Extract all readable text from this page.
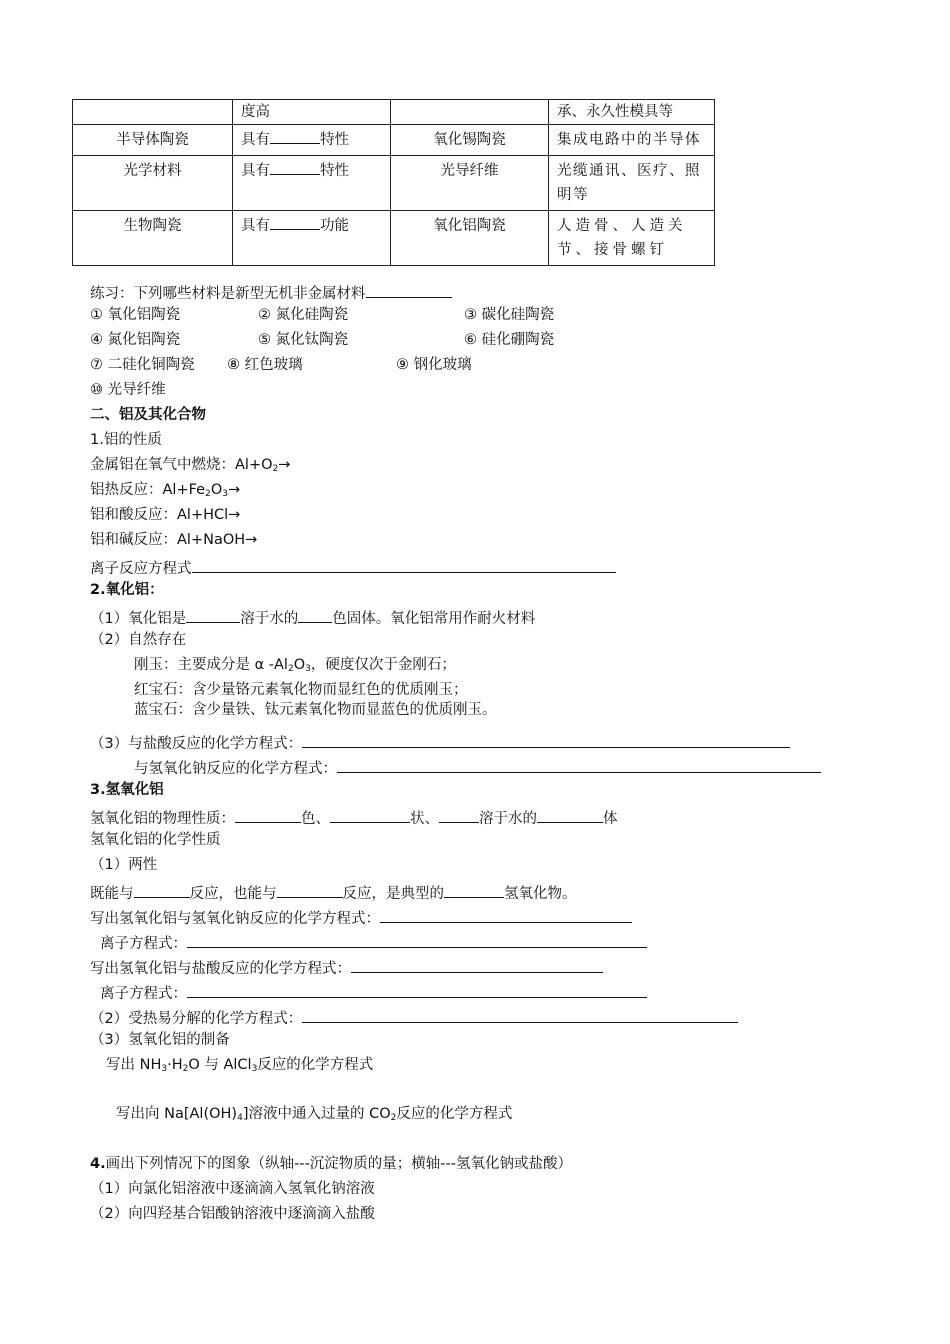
	度高		承、永久性模具等
半导体陶瓷	具有 特性	氧化锡陶瓷	集成电路中的半导体
光学材料	具有 特性	光导纤维	光缆通讯、医疗、照明等
生物陶瓷	具有 功能	氧化铝陶瓷	人造骨、人造关节、接骨螺钉
练习：下列哪些材料是新型无机非金属材料
① 氧化铝陶瓷	② 氮化硅陶瓷	③ 碳化硅陶瓷
④ 氮化铝陶瓷	⑤ 氮化钛陶瓷	⑥ 硅化硼陶瓷
⑦ 二硅化铜陶瓷 ⑧ 红色玻璃	⑨ 钢化玻璃
⑩ 光导纤维
二、铝及其化合物
1.铝的性质
金属铝在氧气中燃烧：$Al+O_2\to$
铝热反应：$Al+Fe_2O_3\to$
铝和酸反应：Al+HCl→
铝和碱反应：Al+NaOH→
离子反应方程式
2.氧化铝：
（1）氧化铝是	溶于水的 色固体。氧化铝常用作耐火材料
（2）自然存在
刚玉：主要成分是 α $-Al_2O_3$，硬度仅次于金刚石；
红宝石：含少量铬元素氧化物而显红色的优质刚玉；
蓝宝石：含少量铁、钛元素氧化物而显蓝色的优质刚玉。
（3）与盐酸反应的化学方程式：
与氢氧化钠反应的化学方程式：
3.氢氧化铝
氢氧化铝的物理性质：	色、	状、	溶于水的	体
氢氧化铝的化学性质
（1）两性
既能与	反应，也能与	反应，是典型的	氢氧化物。
写出氢氧化铝与氢氧化钠反应的化学方程式：
离子方程式：
写出氢氧化铝与盐酸反应的化学方程式：
离子方程式：
（2）受热易分解的化学方程式：
（3）氢氧化铝的制备
写出 $NH_3\cdot H_2O$ 与 AlCl$_3$反应的化学方程式
写出向 $Na[Al(OH)_4]$溶液中通入过量的 $CO_2$反应的化学方程式
4.画出下列情况下的图象（纵轴---沉淀物质的量；横轴---氢氧化钠或盐酸）
（1）向氯化铝溶液中逐滴滴入氢氧化钠溶液
（2）向四羟基合铝酸钠溶液中逐滴滴入盐酸
